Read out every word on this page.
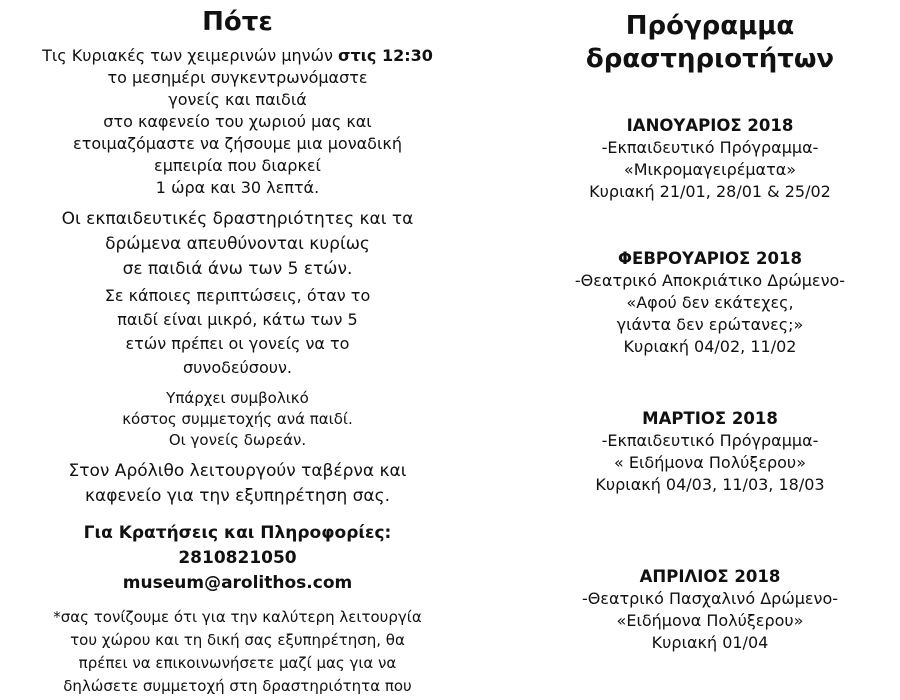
Πότε
Τις Κυριακές των χειμερινών μηνών στις 12:30
το μεσημέρι συγκεντρωνόμαστε
γονείς και παιδιά
στο καφενείο του χωριού μας και
ετοιμαζόμαστε να ζήσουμε μια μοναδική
εμπειρία που διαρκεί
1 ώρα και 30 λεπτά.
Οι εκπαιδευτικές δραστηριότητες και τα
δρώμενα απευθύνονται κυρίως
σε παιδιά άνω των 5 ετών.
Σε κάποιες περιπτώσεις, όταν το
παιδί είναι μικρό, κάτω των 5
ετών πρέπει οι γονείς να το
συνοδεύσουν.
Υπάρχει συμβολικό
κόστος συμμετοχής ανά παιδί.
Οι γονείς δωρεάν.
Στον Αρόλιθο λειτουργούν ταβέρνα και
καφενείο για την εξυπηρέτηση σας.
Για Κρατήσεις και Πληροφορίες:
2810821050
museum@arolithos.com
*σας τονίζουμε ότι για την καλύτερη λειτουργία
του χώρου και τη δική σας εξυπηρέτηση, θα
πρέπει να επικοινωνήσετε μαζί μας για να
δηλώσετε συμμετοχή στη δραστηριότητα που
Πρόγραμμα
δραστηριοτήτων
ΙΑΝΟΥΑΡΙΟΣ 2018
-Εκπαιδευτικό Πρόγραμμα-
«Μικρομαγειρέματα»
Κυριακή 21/01, 28/01 & 25/02
ΦΕΒΡΟΥΑΡΙΟΣ 2018
-Θεατρικό Αποκριάτικο Δρώμενο-
«Αφού δεν εκάτεχες,
γιάντα δεν ερώτανες;»
Κυριακή 04/02, 11/02
ΜΑΡΤΙΟΣ 2018
-Εκπαιδευτικό Πρόγραμμα-
« Ειδήμονα Πολύξερου»
Κυριακή 04/03, 11/03, 18/03
ΑΠΡΙΛΙΟΣ 2018
-Θεατρικό Πασχαλινό Δρώμενο-
«Ειδήμονα Πολύξερου»
Κυριακή 01/04
